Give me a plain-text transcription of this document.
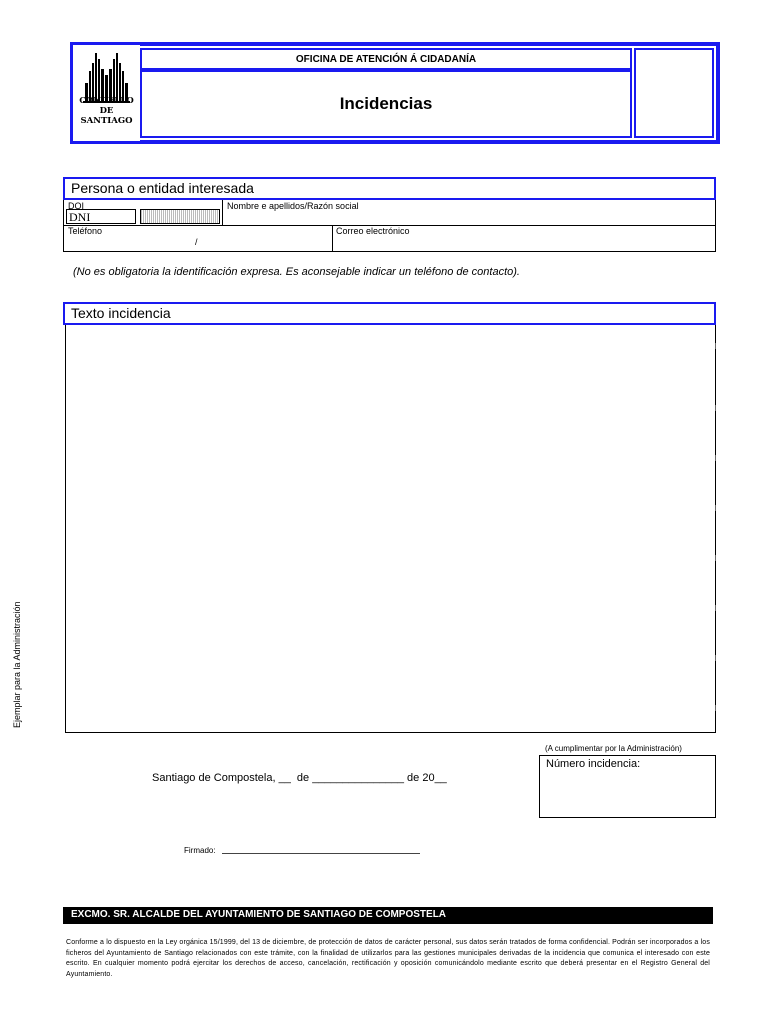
CONCELLO DE
SANTIAGO
OFICINA DE ATENCIÓN Á CIDADANÍA
Incidencias
Persona o entidad interesada
DOI
DNI
Nombre e apellidos/Razón social
Teléfono
/
Correo electrónico
(No es obligatoria la identificación expresa. Es aconsejable indicar un teléfono de contacto).
Texto incidencia
Ejemplar para la Administración
(A cumplimentar por la Administración)
Número incidencia:
Santiago de Compostela, __  de _______________ de 20__
Firmado:
EXCMO. SR. ALCALDE DEL AYUNTAMIENTO DE SANTIAGO DE COMPOSTELA
Conforme a lo dispuesto en la Ley orgánica 15/1999, del 13 de diciembre, de protección de datos de carácter personal, sus datos serán tratados de forma confidencial. Podrán ser incorporados a los ficheros del Ayuntamiento de Santiago relacionados con este trámite, con la finalidad de utilizarlos para las gestiones municipales derivadas de la incidencia que comunica el interesado con este escrito. En cualquier momento podrá ejercitar los derechos de acceso, cancelación, rectificación y oposición comunicándolo mediante escrito que deberá presentar en el Registro General del Ayuntamiento.
